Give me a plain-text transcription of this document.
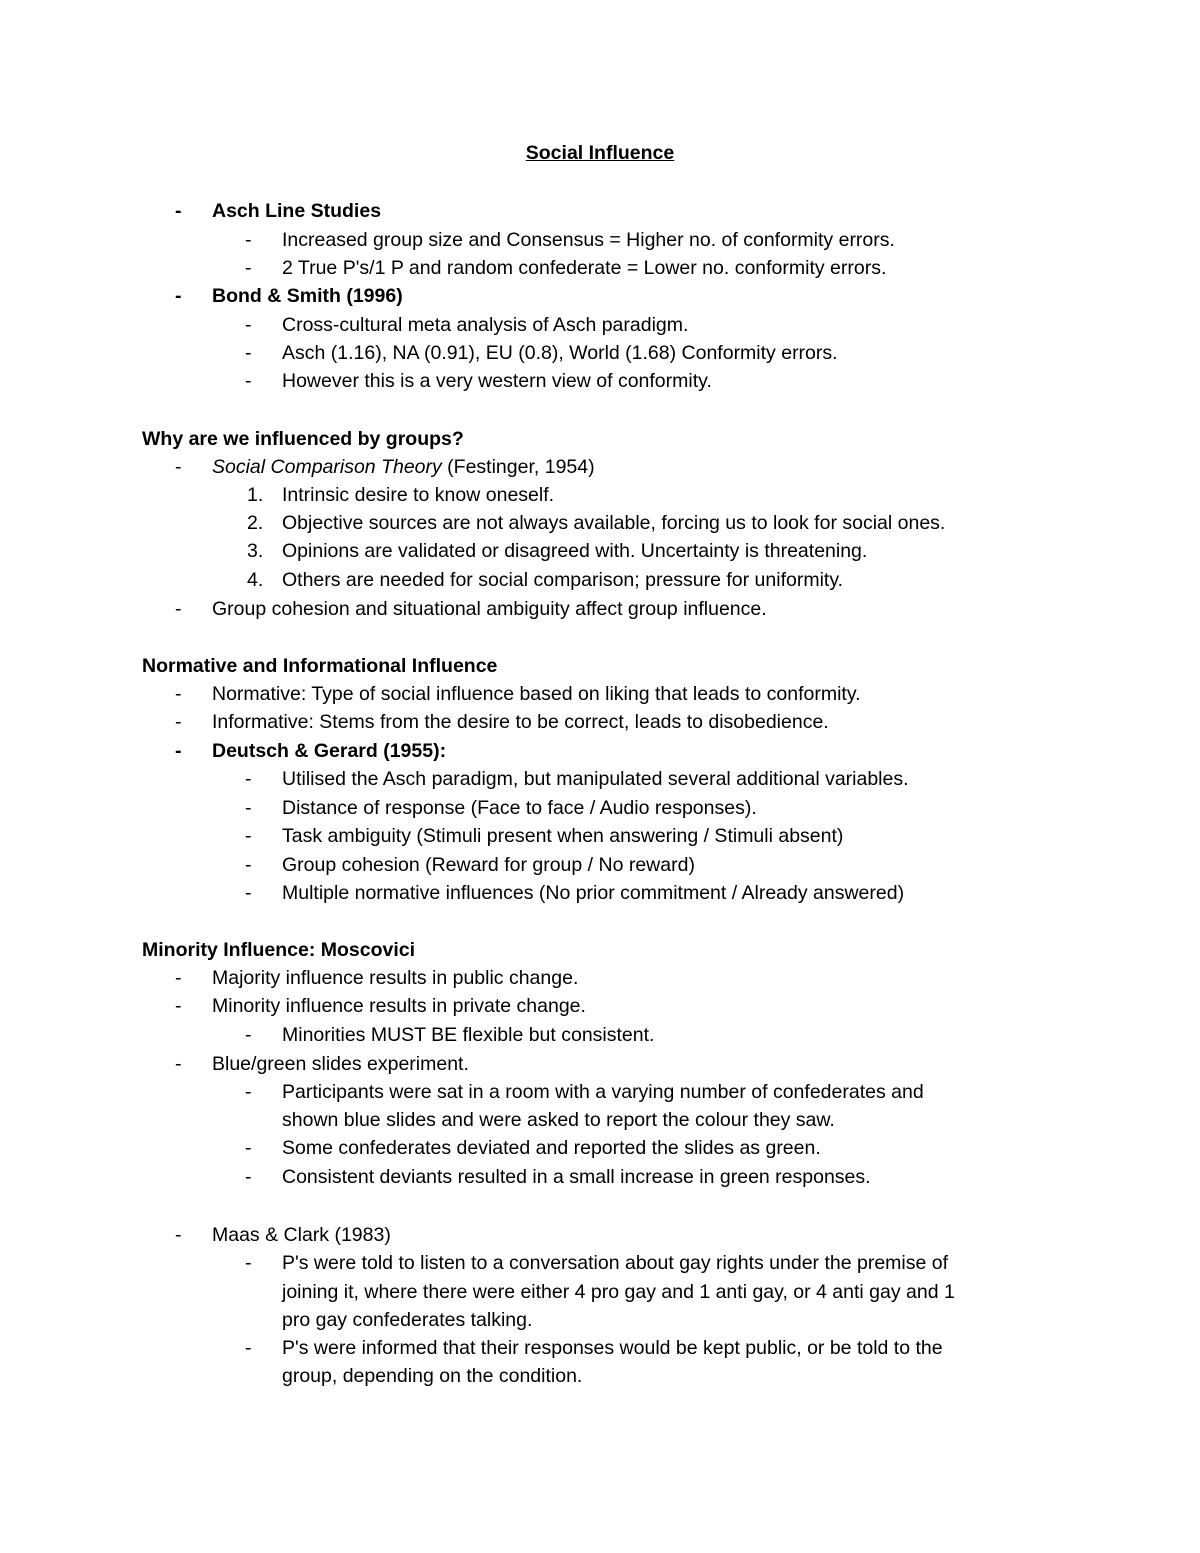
Social Influence
- Asch Line Studies
- Increased group size and Consensus = Higher no. of conformity errors.
- 2 True P's/1 P and random confederate = Lower no. conformity errors.
- Bond & Smith (1996)
- Cross-cultural meta analysis of Asch paradigm.
- Asch (1.16), NA (0.91), EU (0.8), World (1.68) Conformity errors.
- However this is a very western view of conformity.
Why are we influenced by groups?
- Social Comparison Theory (Festinger, 1954)
1. Intrinsic desire to know oneself.
2. Objective sources are not always available, forcing us to look for social ones.
3. Opinions are validated or disagreed with. Uncertainty is threatening.
4. Others are needed for social comparison; pressure for uniformity.
- Group cohesion and situational ambiguity affect group influence.
Normative and Informational Influence
- Normative: Type of social influence based on liking that leads to conformity.
- Informative: Stems from the desire to be correct, leads to disobedience.
- Deutsch & Gerard (1955):
- Utilised the Asch paradigm, but manipulated several additional variables.
- Distance of response (Face to face / Audio responses).
- Task ambiguity (Stimuli present when answering / Stimuli absent)
- Group cohesion (Reward for group / No reward)
- Multiple normative influences (No prior commitment / Already answered)
Minority Influence: Moscovici
- Majority influence results in public change.
- Minority influence results in private change.
- Minorities MUST BE flexible but consistent.
- Blue/green slides experiment.
- Participants were sat in a room with a varying number of confederates and
shown blue slides and were asked to report the colour they saw.
- Some confederates deviated and reported the slides as green.
- Consistent deviants resulted in a small increase in green responses.
- Maas & Clark (1983)
- P's were told to listen to a conversation about gay rights under the premise of
joining it, where there were either 4 pro gay and 1 anti gay, or 4 anti gay and 1
pro gay confederates talking.
- P's were informed that their responses would be kept public, or be told to the
group, depending on the condition.
